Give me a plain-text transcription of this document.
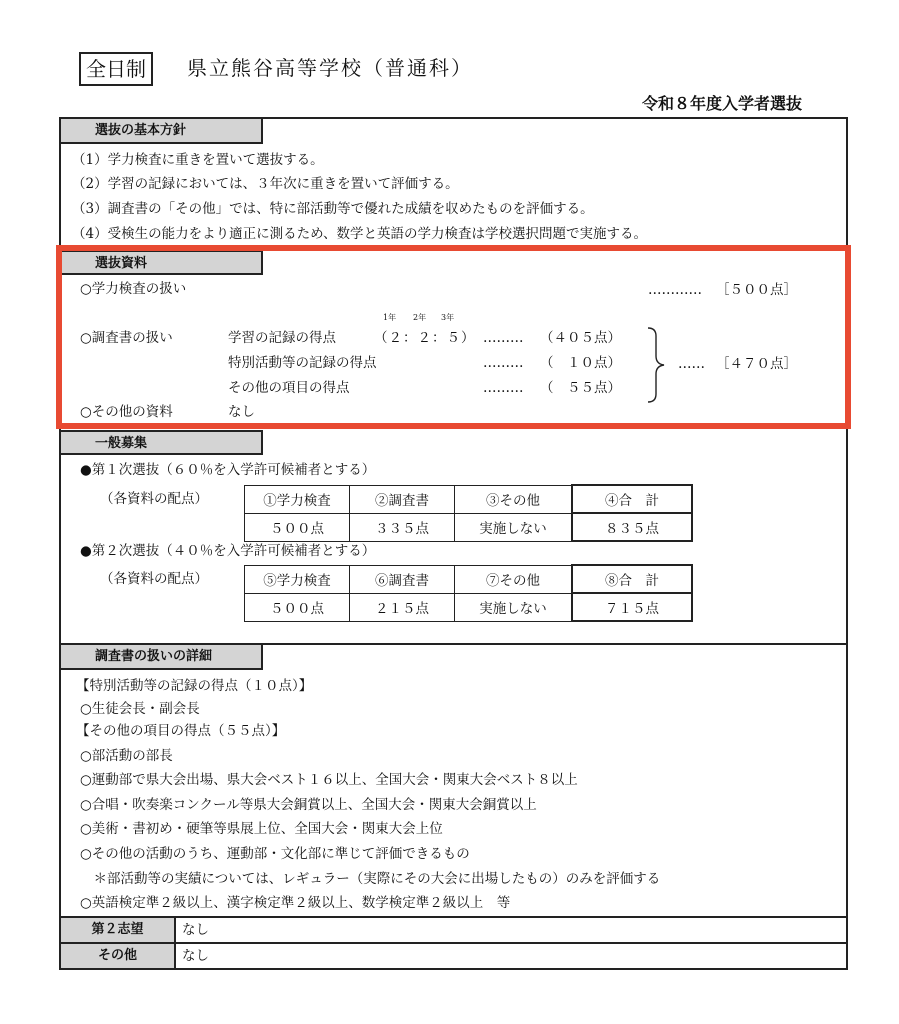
全日制	県立熊谷高等学校（普通科）
令和８年度入学者選抜
選抜の基本方針
（1）学力検査に重きを置いて選抜する。
（2）学習の記録においては、３年次に重きを置いて評価する。
（3）調査書の「その他」では、特に部活動等で優れた成績を収めたものを評価する。
（4）受検生の能力をより適正に測るため、数学と英語の学力検査は学校選択問題で実施する。
選抜資料
○学力検査の扱い	………… ［５００点］
1年 2年 3年
○調査書の扱い	学習の記録の得点	（２：２：５） ……… （４０５点）
特別活動等の記録の得点	……… （　１０点）
その他の項目の得点	……… （　５５点）
…… ［４７０点］
○その他の資料	なし
一般募集
●第１次選抜（６０％を入学許可候補者とする）
（各資料の配点）	①学力検査	②調査書	③その他	④合　計
５００点	３３５点	実施しない	８３５点
●第２次選抜（４０％を入学許可候補者とする）
（各資料の配点）	⑤学力検査	⑥調査書	⑦その他	⑧合　計
５００点	２１５点	実施しない	７１５点
調査書の扱いの詳細
【特別活動等の記録の得点（１０点）】
○生徒会長・副会長
【その他の項目の得点（５５点）】
○部活動の部長
○運動部で県大会出場、県大会ベスト１６以上、全国大会・関東大会ベスト８以上
○合唱・吹奏楽コンクール等県大会銅賞以上、全国大会・関東大会銅賞以上
○美術・書初め・硬筆等県展上位、全国大会・関東大会上位
○その他の活動のうち、運動部・文化部に準じて評価できるもの
　＊部活動等の実績については、レギュラー（実際にその大会に出場したもの）のみを評価する
○英語検定準２級以上、漢字検定準２級以上、数学検定準２級以上　等
第２志望	なし
その他	なし
